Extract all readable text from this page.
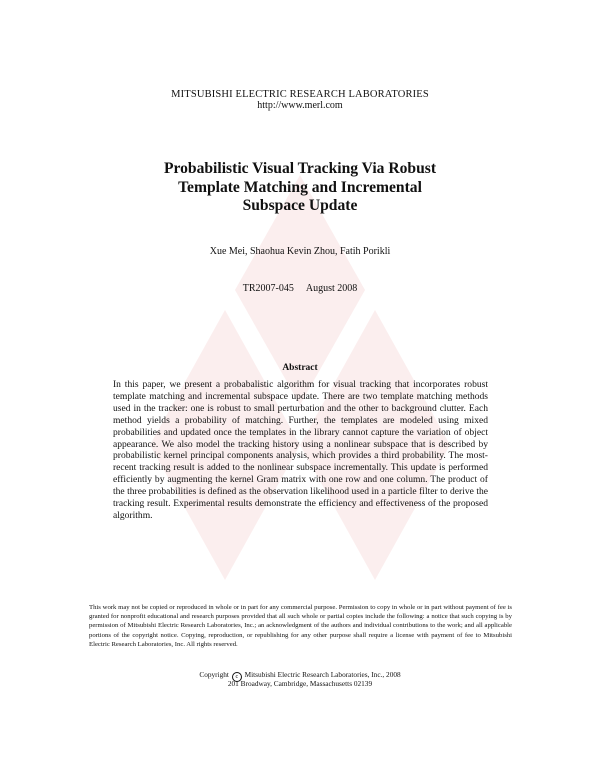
MITSUBISHI ELECTRIC RESEARCH LABORATORIES
http://www.merl.com
Probabilistic Visual Tracking Via Robust
Template Matching and Incremental
Subspace Update
Xue Mei, Shaohua Kevin Zhou, Fatih Porikli
TR2007-045 August 2008
Abstract
In this paper, we present a probabalistic algorithm for visual tracking that incorporates robust template matching and incremental subspace update. There are two template matching methods used in the tracker: one is robust to small perturbation and the other to background clutter. Each method yields a probability of matching. Further, the templates are modeled using mixed probabilities and updated once the templates in the library cannot capture the variation of object appearance. We also model the tracking history using a nonlinear subspace that is described by probabilistic kernel principal components analysis, which provides a third probability. The most-recent tracking result is added to the nonlinear subspace incrementally. This update is performed efficiently by augmenting the kernel Gram matrix with one row and one column. The product of the three probabilities is defined as the observation likelihood used in a particle filter to derive the tracking result. Experimental results demonstrate the efficiency and effectiveness of the proposed algorithm.
This work may not be copied or reproduced in whole or in part for any commercial purpose. Permission to copy in whole or in part without payment of fee is granted for nonprofit educational and research purposes provided that all such whole or partial copies include the following: a notice that such copying is by permission of Mitsubishi Electric Research Laboratories, Inc.; an acknowledgment of the authors and individual contributions to the work; and all applicable portions of the copyright notice. Copying, reproduction, or republishing for any other purpose shall require a license with payment of fee to Mitsubishi Electric Research Laboratories, Inc. All rights reserved.
Copyright c Mitsubishi Electric Research Laboratories, Inc., 2008
201 Broadway, Cambridge, Massachusetts 02139
